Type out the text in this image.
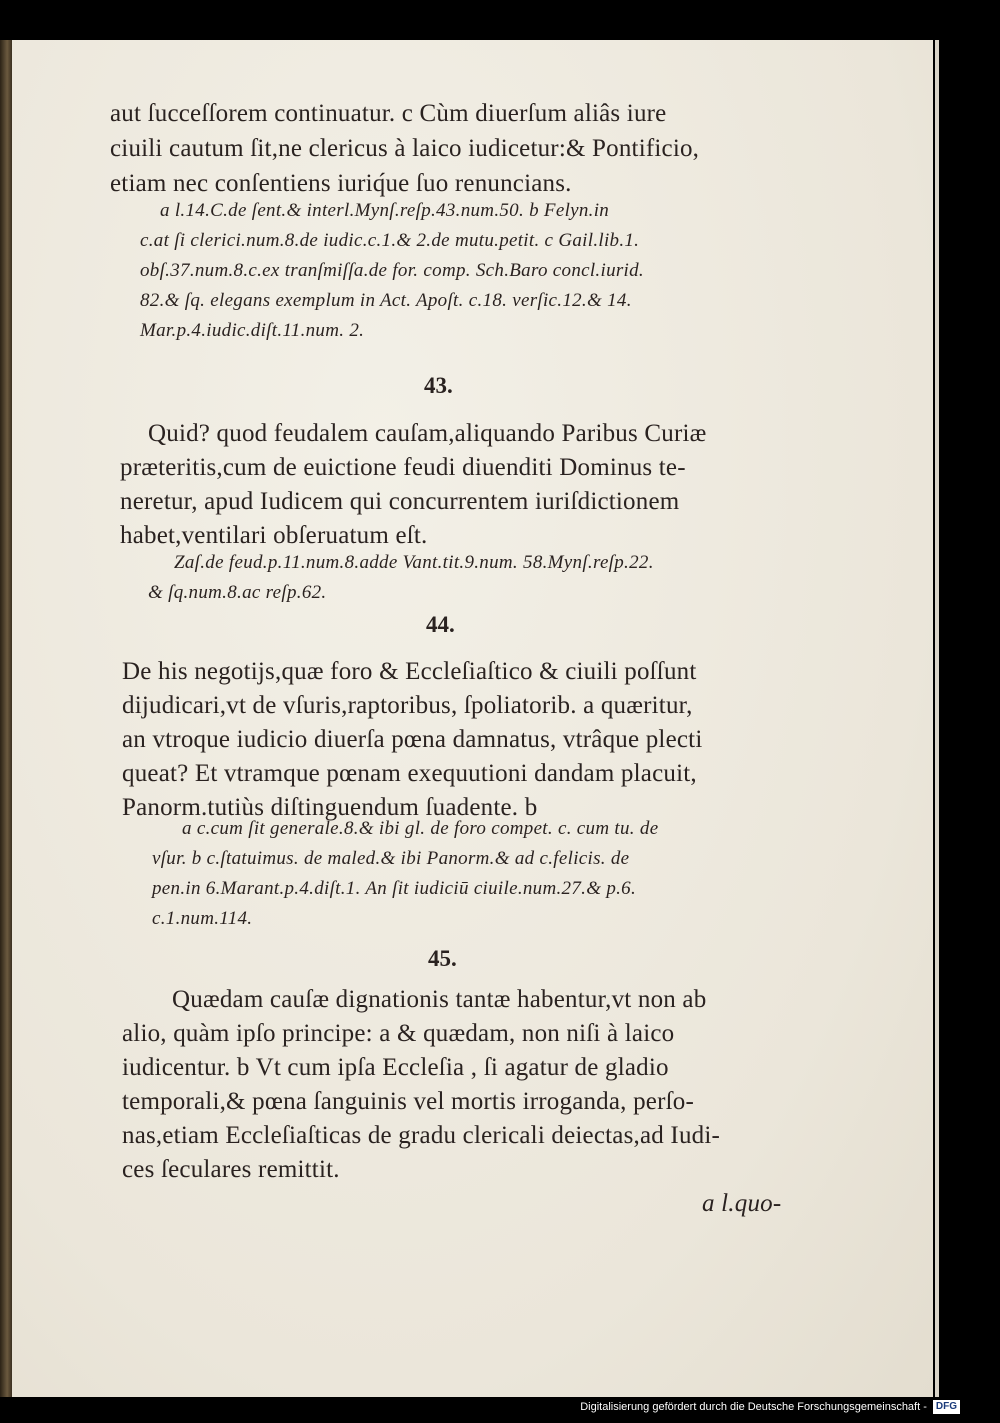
aut ſucceſſorem continuatur. c Cùm diuerſum aliâs iure

ciuili cautum ſit,ne clericus à laico iudicetur:& Pontificio,

etiam nec conſentiens iuriq́ue ſuo renuncians.

a l.14.C.de ſent.& interl.Mynſ.reſp.43.num.50. b Felyn.in

c.at ſi clerici.num.8.de iudic.c.1.& 2.de mutu.petit. c Gail.lib.1.

obſ.37.num.8.c.ex tranſmiſſa.de for. comp. Sch.Baro concl.iurid.

82.& ſq. elegans exemplum in Act. Apoſt. c.18. verſic.12.& 14.

Mar.p.4.iudic.diſt.11.num. 2.

43.

Quid? quod feudalem cauſam,aliquando Paribus Curiæ

præteritis,cum de euictione feudi diuenditi Dominus te-

neretur, apud Iudicem qui concurrentem iuriſdictionem

habet,ventilari obſeruatum eſt.

Zaſ.de feud.p.11.num.8.adde Vant.tit.9.num. 58.Mynſ.reſp.22.

& ſq.num.8.ac reſp.62.

44.

De his negotijs,quæ foro & Eccleſiaſtico & ciuili poſſunt

dijudicari,vt de vſuris,raptoribus, ſpoliatorib. a quæritur,

an vtroque iudicio diuerſa pœna damnatus, vtrâque plecti

queat? Et vtramque pœnam exequutioni dandam placuit,

Panorm.tutiùs diſtinguendum ſuadente. b

a c.cum ſit generale.8.& ibi gl. de foro compet. c. cum tu. de

vſur. b c.ſtatuimus. de maled.& ibi Panorm.& ad c.felicis. de

pen.in 6.Marant.p.4.diſt.1. An ſit iudiciū ciuile.num.27.& p.6.

c.1.num.114.

45.

Quædam cauſæ dignationis tantæ habentur,vt non ab

alio, quàm ipſo principe: a & quædam, non niſi à laico

iudicentur. b Vt cum ipſa Eccleſia , ſi agatur de gladio

temporali,& pœna ſanguinis vel mortis irroganda, perſo-

nas,etiam Eccleſiaſticas de gradu clericali deiectas,ad Iudi-

ces ſeculares remittit.

a l.quo-

Digitalisierung gefördert durch die Deutsche Forschungsgemeinschaft - DFG
